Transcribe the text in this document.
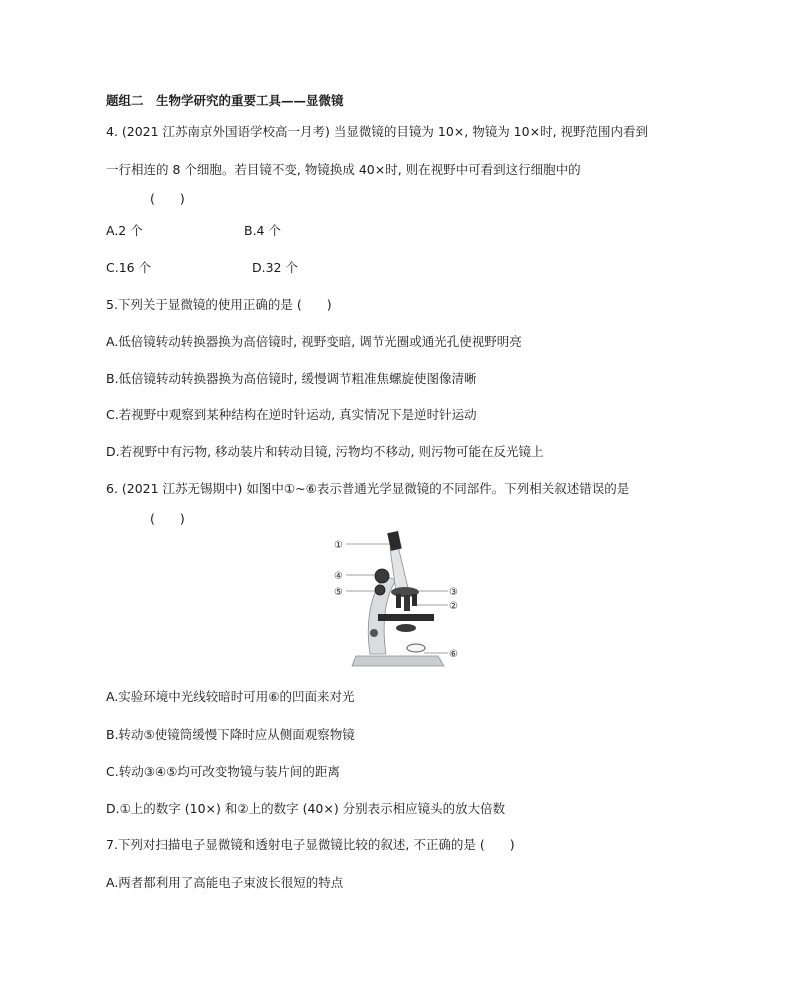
题组二　生物学研究的重要工具——显微镜
4. (2021 江苏南京外国语学校高一月考) 当显微镜的目镜为 10×, 物镜为 10×时, 视野范围内看到
一行相连的 8 个细胞。若目镜不变, 物镜换成 40×时, 则在视野中可看到这行细胞中的
(　　)
A.2 个	B.4 个
C.16 个	D.32 个
5.下列关于显微镜的使用正确的是 (　　)
A.低倍镜转动转换器换为高倍镜时, 视野变暗, 调节光圈或通光孔使视野明亮
B.低倍镜转动转换器换为高倍镜时, 缓慢调节粗准焦螺旋使图像清晰
C.若视野中观察到某种结构在逆时针运动, 真实情况下是逆时针运动
D.若视野中有污物, 移动装片和转动目镜, 污物均不移动, 则污物可能在反光镜上
6. (2021 江苏无锡期中) 如图中①~⑥表示普通光学显微镜的不同部件。下列相关叙述错误的是
(　　)
①
④
⑤	③
②
⑥
A.实验环境中光线较暗时可用⑥的凹面来对光
B.转动⑤使镜筒缓慢下降时应从侧面观察物镜
C.转动③④⑤均可改变物镜与装片间的距离
D.①上的数字 (10×) 和②上的数字 (40×) 分别表示相应镜头的放大倍数
7.下列对扫描电子显微镜和透射电子显微镜比较的叙述, 不正确的是 (　　)
A.两者都利用了高能电子束波长很短的特点
